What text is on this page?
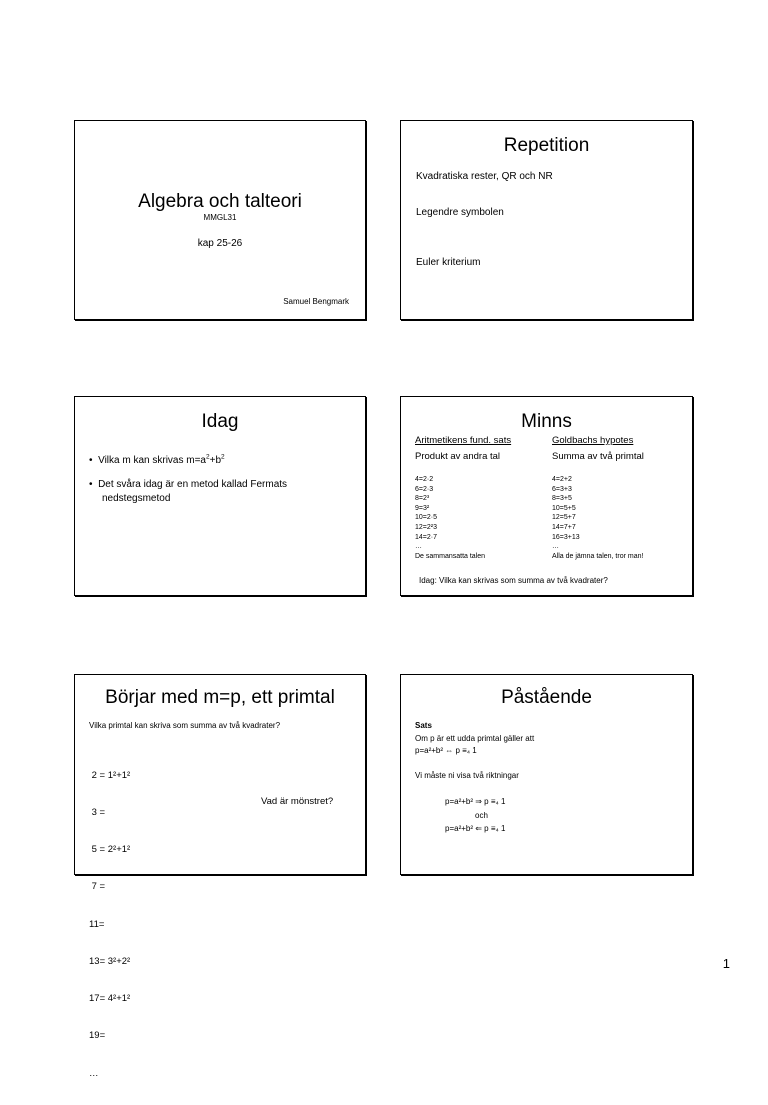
Algebra och talteori
MMGL31
kap 25-26
Samuel Bengmark
Repetition
Kvadratiska rester, QR och NR
Legendre symbolen
Euler kriterium
Idag
• Vilka m kan skrivas $m=a^2+b^2$
• Det svåra idag är en metod kallad Fermats
nedstegsmetod
Minns
Aritmetikens fund. sats
Produkt av andra tal
Goldbachs hypotes
Summa av två primtal
4=2·2
6=2·3
8=2³
9=3²
10=2·5
12=2²3
14=2·7
…
De sammansatta talen
4=2+2
6=3+3
8=3+5
10=5+5
12=5+7
14=7+7
16=3+13
…
Alla de jämna talen, tror man!
Idag: Vilka kan skrivas som summa av två kvadrater?
Börjar med m=p, ett primtal
Vilka primtal kan skriva som summa av två kvadrater?

2 = 1²+1²

3 =

5 = 2²+1²

7 =

11=

13= 3²+2²

17= 4²+1²

19=

…

Vad är mönstret?
Påstående
Sats
Om p är ett udda primtal gäller att
p=a²+b² ⇔ p ≡₄ 1
Vi måste ni visa två riktningar
p=a²+b² ⇒ p ≡₄ 1
och
p=a²+b² ⇐ p ≡₄ 1
1
